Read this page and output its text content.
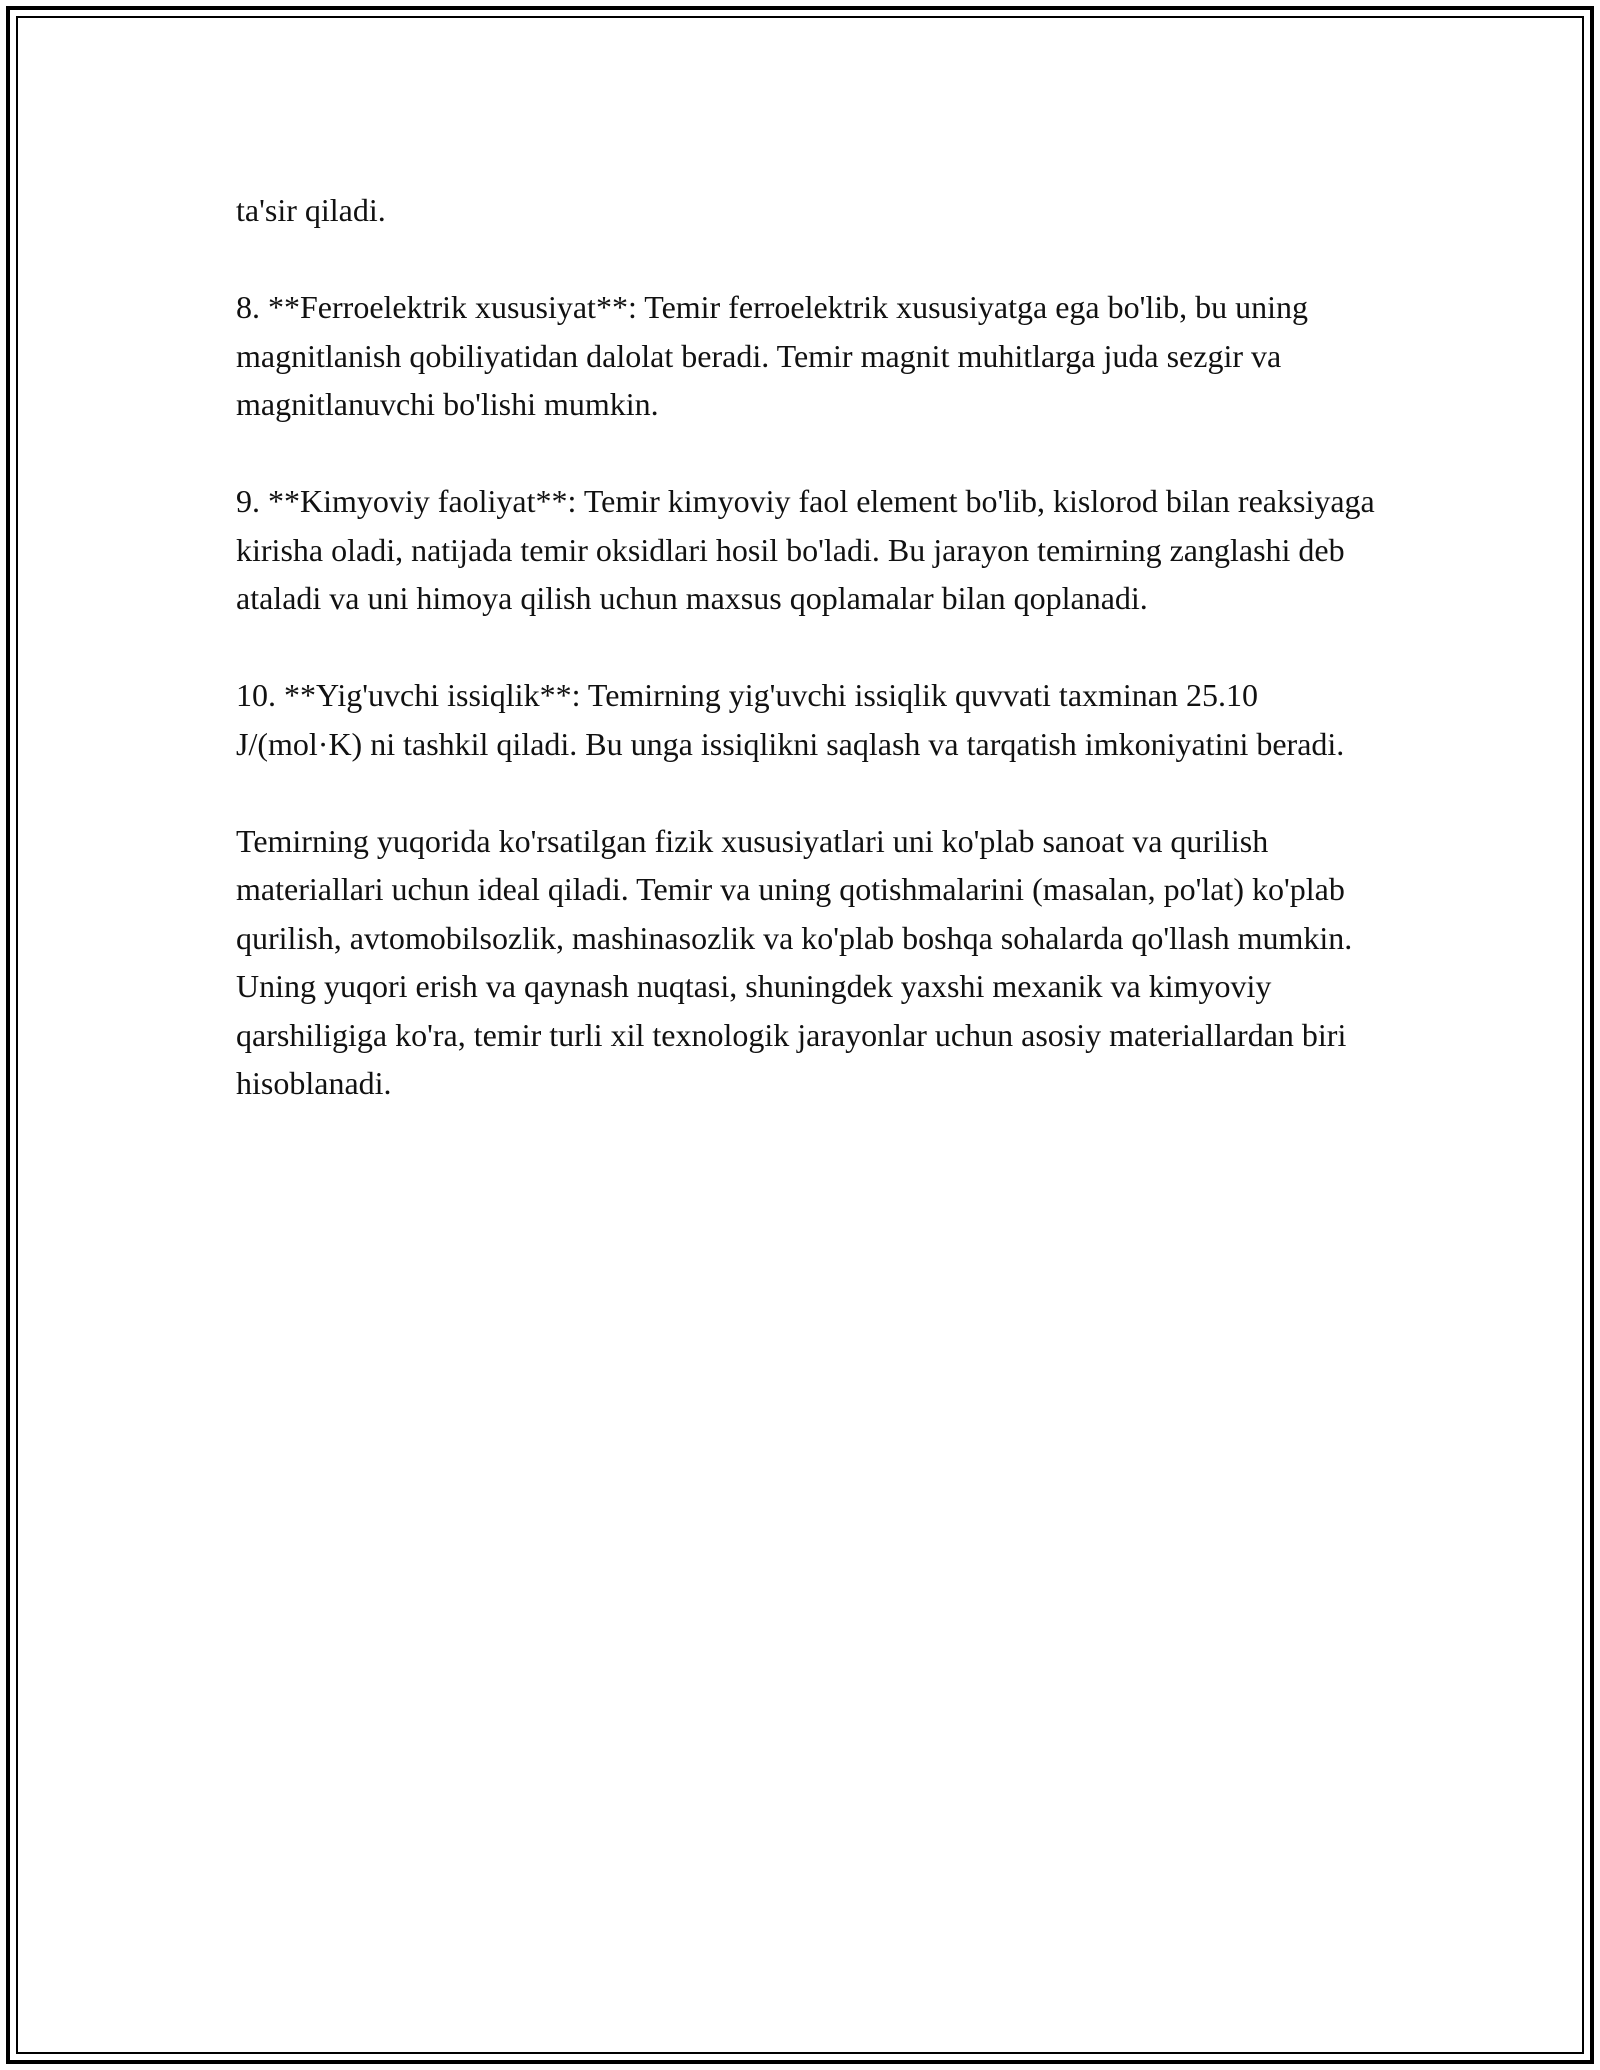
ta'sir qiladi.

8. **Ferroelektrik xususiyat**: Temir ferroelektrik xususiyatga ega bo'lib, bu uning magnitlanish qobiliyatidan dalolat beradi. Temir magnit muhitlarga juda sezgir va magnitlanuvchi bo'lishi mumkin.

9. **Kimyoviy faoliyat**: Temir kimyoviy faol element bo'lib, kislorod bilan reaksiyaga kirisha oladi, natijada temir oksidlari hosil bo'ladi. Bu jarayon temirning zanglashi deb ataladi va uni himoya qilish uchun maxsus qoplamalar bilan qoplanadi.

10. **Yig'uvchi issiqlik**: Temirning yig'uvchi issiqlik quvvati taxminan 25.10 J/(mol·K) ni tashkil qiladi. Bu unga issiqlikni saqlash va tarqatish imkoniyatini beradi.

Temirning yuqorida ko'rsatilgan fizik xususiyatlari uni ko'plab sanoat va qurilish materiallari uchun ideal qiladi. Temir va uning qotishmalarini (masalan, po'lat) ko'plab qurilish, avtomobilsozlik, mashinasozlik va ko'plab boshqa sohalarda qo'llash mumkin. Uning yuqori erish va qaynash nuqtasi, shuningdek yaxshi mexanik va kimyoviy qarshiligiga ko'ra, temir turli xil texnologik jarayonlar uchun asosiy materiallardan biri hisoblanadi.
